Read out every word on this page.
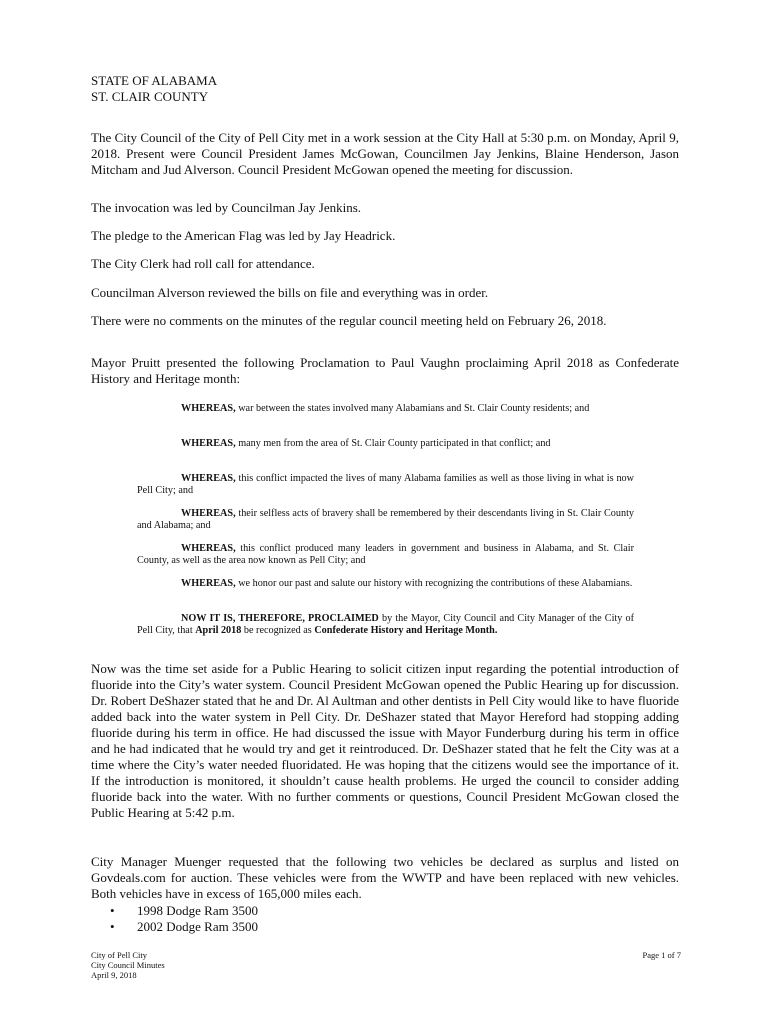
STATE OF ALABAMA
ST. CLAIR COUNTY

The City Council of the City of Pell City met in a work session at the City Hall at 5:30 p.m. on Monday, April 9, 2018. Present were Council President James McGowan, Councilmen Jay Jenkins, Blaine Henderson, Jason Mitcham and Jud Alverson. Council President McGowan opened the meeting for discussion.

The invocation was led by Councilman Jay Jenkins.

The pledge to the American Flag was led by Jay Headrick.

The City Clerk had roll call for attendance.

Councilman Alverson reviewed the bills on file and everything was in order.

There were no comments on the minutes of the regular council meeting held on February 26, 2018.

Mayor Pruitt presented the following Proclamation to Paul Vaughn proclaiming April 2018 as Confederate History and Heritage month:

WHEREAS, war between the states involved many Alabamians and St. Clair County residents; and

WHEREAS, many men from the area of St. Clair County participated in that conflict; and

WHEREAS, this conflict impacted the lives of many Alabama families as well as those living in what is now Pell City; and

WHEREAS, their selfless acts of bravery shall be remembered by their descendants living in St. Clair County and Alabama; and

WHEREAS, this conflict produced many leaders in government and business in Alabama, and St. Clair County, as well as the area now known as Pell City; and

WHEREAS, we honor our past and salute our history with recognizing the contributions of these Alabamians.

NOW IT IS, THEREFORE, PROCLAIMED by the Mayor, City Council and City Manager of the City of Pell City, that April 2018 be recognized as Confederate History and Heritage Month.

Now was the time set aside for a Public Hearing to solicit citizen input regarding the potential introduction of fluoride into the City’s water system. Council President McGowan opened the Public Hearing up for discussion. Dr. Robert DeShazer stated that he and Dr. Al Aultman and other dentists in Pell City would like to have fluoride added back into the water system in Pell City. Dr. DeShazer stated that Mayor Hereford had stopping adding fluoride during his term in office. He had discussed the issue with Mayor Funderburg during his term in office and he had indicated that he would try and get it reintroduced. Dr. DeShazer stated that he felt the City was at a time where the City’s water needed fluoridated. He was hoping that the citizens would see the importance of it. If the introduction is monitored, it shouldn’t cause health problems. He urged the council to consider adding fluoride back into the water. With no further comments or questions, Council President McGowan closed the Public Hearing at 5:42 p.m.

City Manager Muenger requested that the following two vehicles be declared as surplus and listed on Govdeals.com for auction. These vehicles were from the WWTP and have been replaced with new vehicles. Both vehicles have in excess of 165,000 miles each.

• 1998 Dodge Ram 3500
• 2002 Dodge Ram 3500
City of Pell City
City Council Minutes
April 9, 2018
Page 1 of 7
